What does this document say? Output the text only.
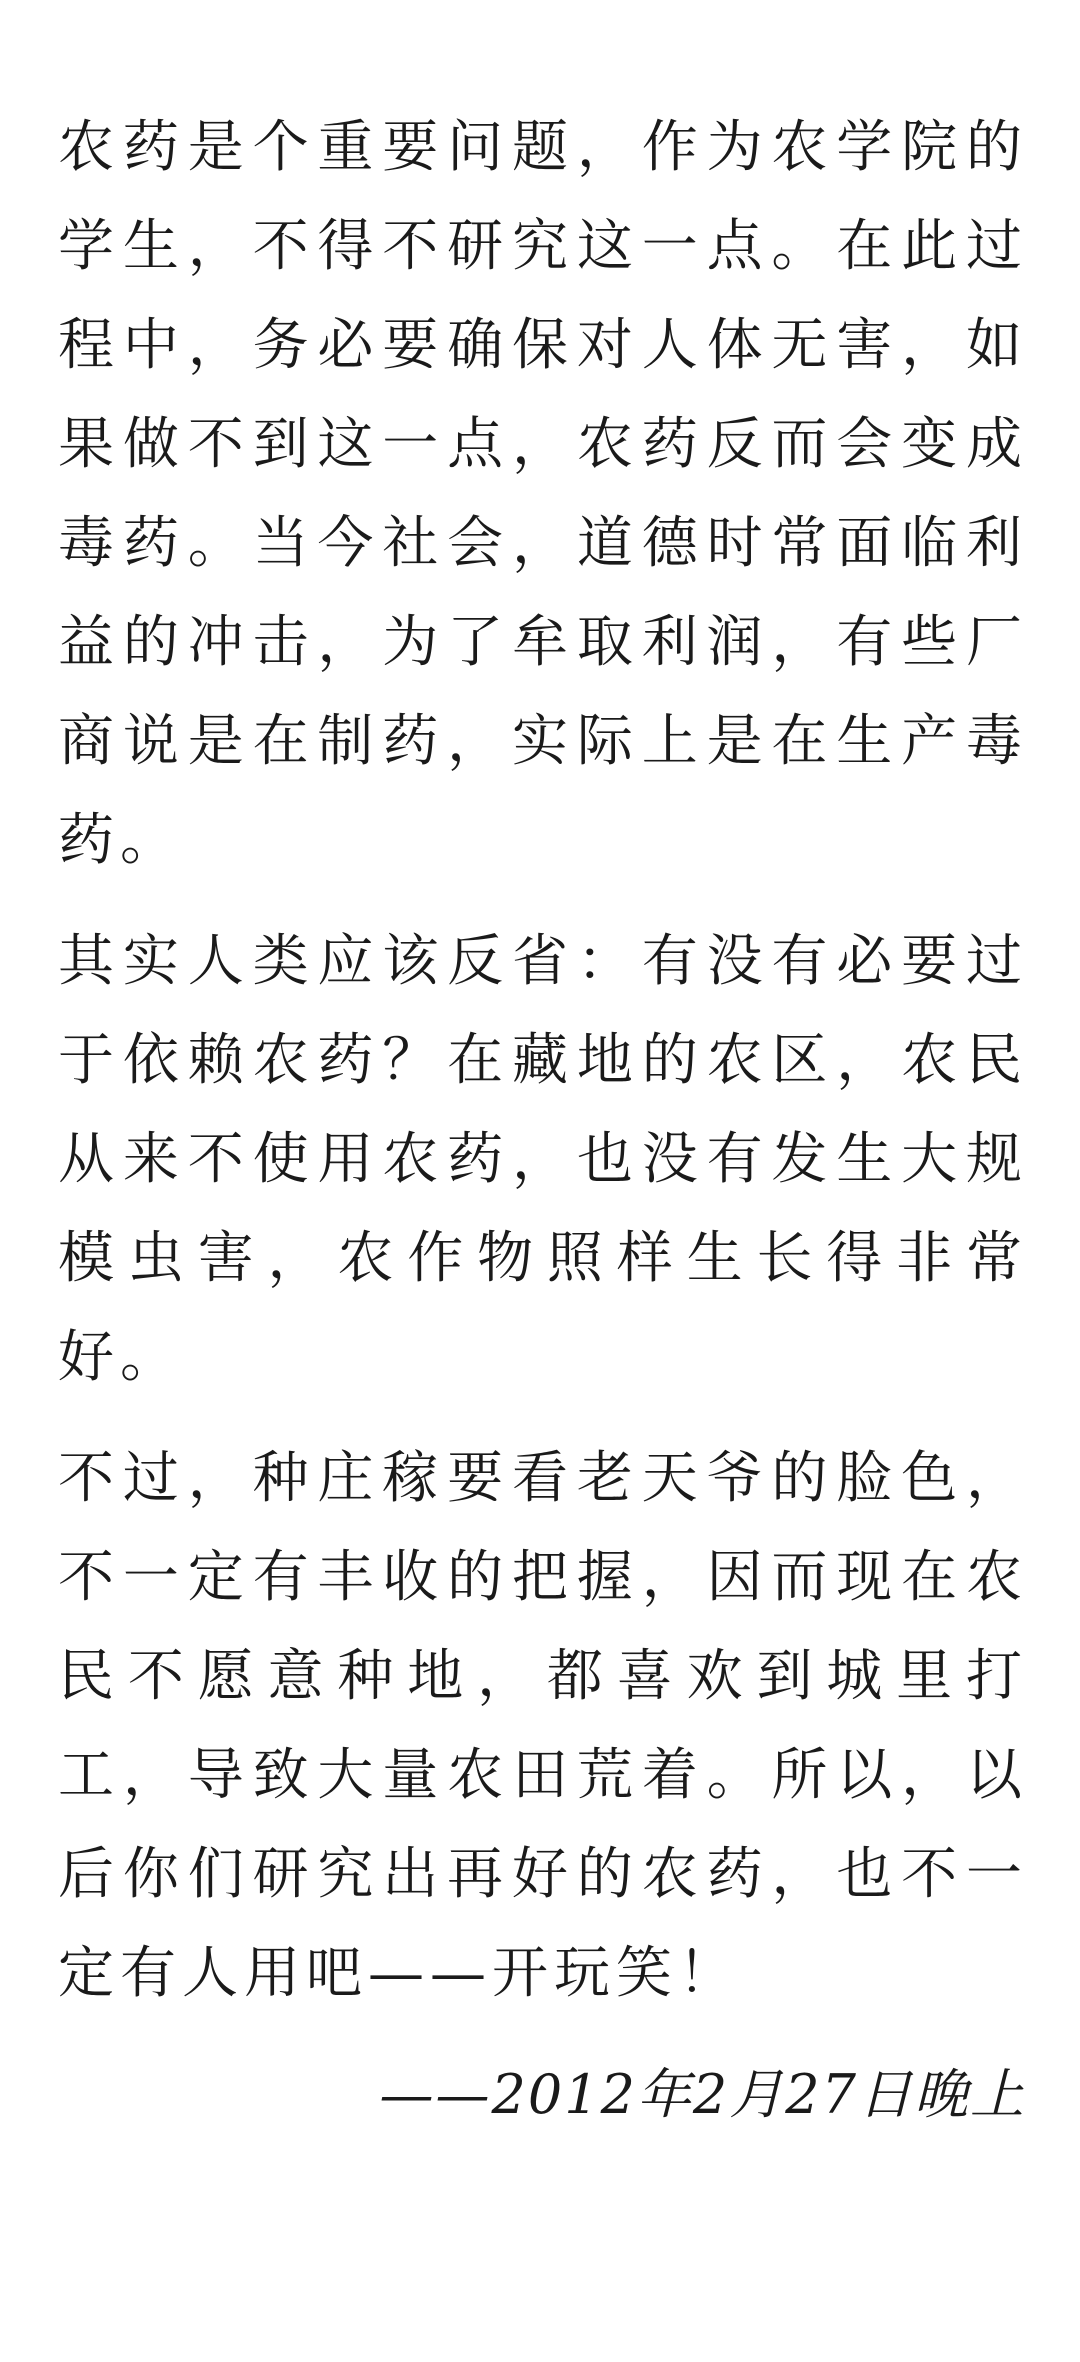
农药是个重要问题，作为农学院的学生，不得不研究这一点。在此过程中，务必要确保对人体无害，如果做不到这一点，农药反而会变成毒药。当今社会，道德时常面临利益的冲击，为了牟取利润，有些厂商说是在制药，实际上是在生产毒药。

其实人类应该反省：有没有必要过于依赖农药？在藏地的农区，农民从来不使用农药，也没有发生大规模虫害，农作物照样生长得非常好。

不过，种庄稼要看老天爷的脸色，不一定有丰收的把握，因而现在农民不愿意种地，都喜欢到城里打工，导致大量农田荒着。所以，以后你们研究出再好的农药，也不一定有人用吧——开玩笑！

——2012年2月27日晚上
